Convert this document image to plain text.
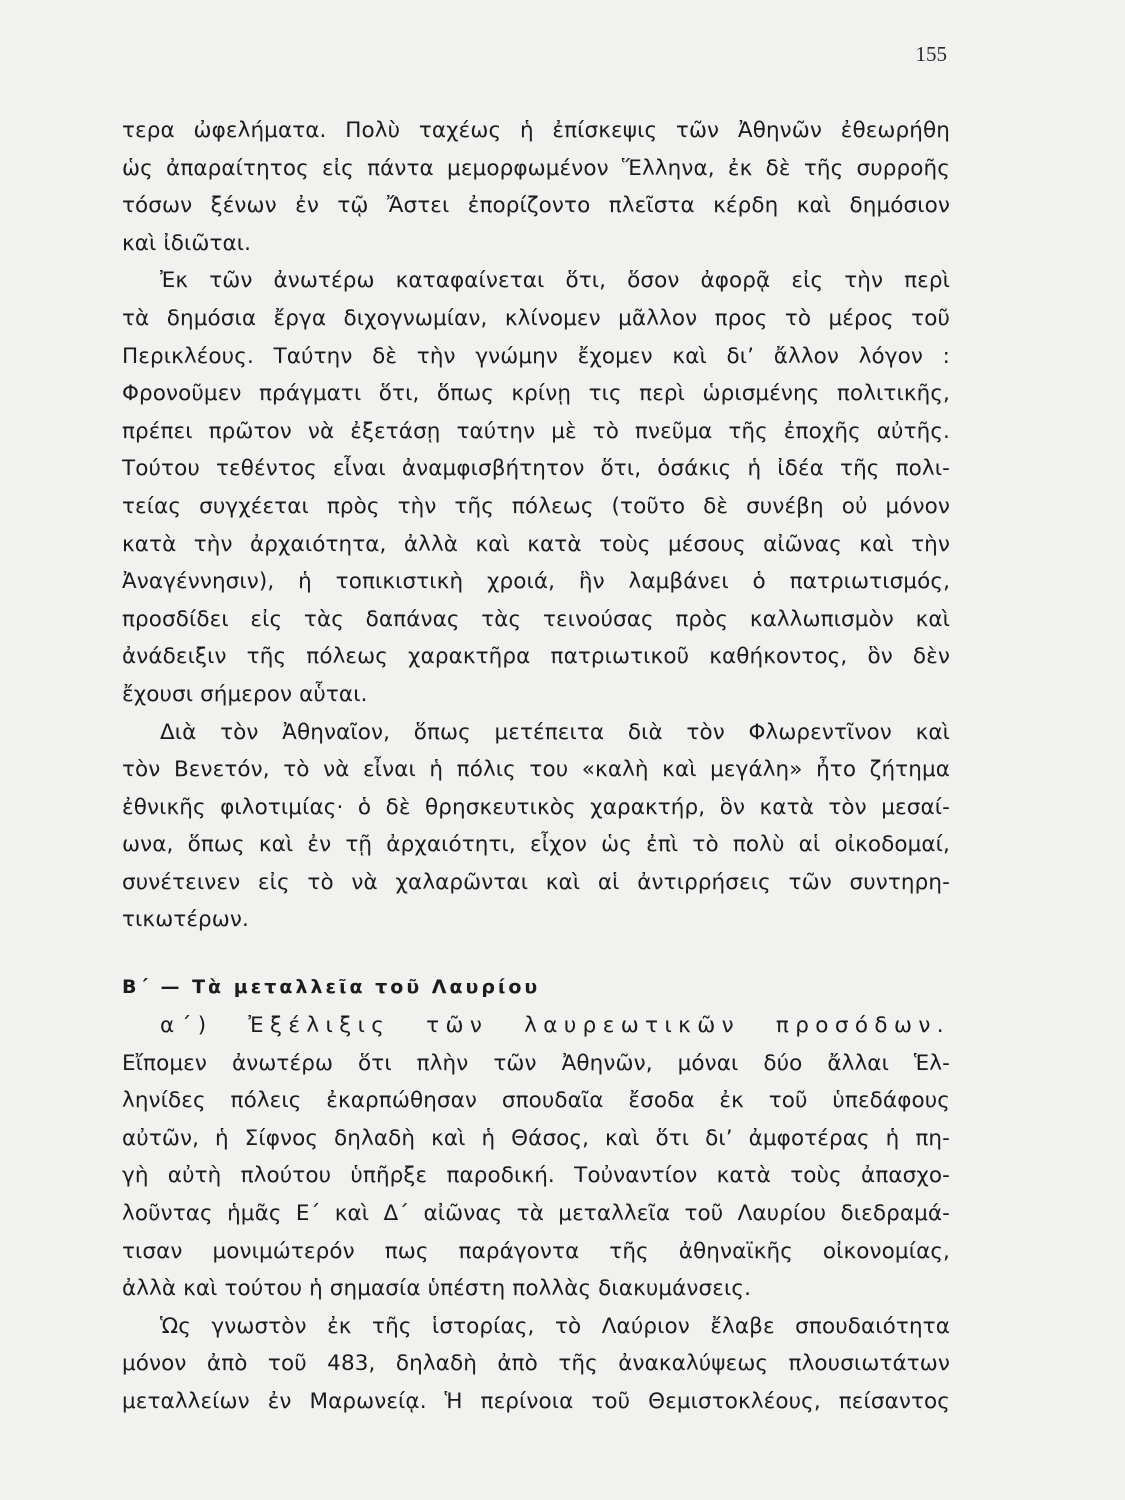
155
τερα ὠφελήματα. Πολὺ ταχέως ἡ ἐπίσκεψις τῶν Ἀθηνῶν ἐθεωρήθη
ὡς ἀπαραίτητος εἰς πάντα μεμορφωμένον Ἕλληνα, ἐκ δὲ τῆς συρροῆς
τόσων ξένων ἐν τῷ Ἄστει ἐπορίζοντο πλεῖστα κέρδη καὶ δημόσιον
καὶ ἰδιῶται.
Ἐκ τῶν ἀνωτέρω καταφαίνεται ὅτι, ὅσον ἀφορᾷ εἰς τὴν περὶ
τὰ δημόσια ἔργα διχογνωμίαν, κλίνομεν μᾶλλον προς τὸ μέρος τοῦ
Περικλέους. Ταύτην δὲ τὴν γνώμην ἔχομεν καὶ δι’ ἄλλον λόγον :
Φρονοῦμεν πράγματι ὅτι, ὅπως κρίνῃ τις περὶ ὡρισμένης πολιτικῆς,
πρέπει πρῶτον νὰ ἐξετάσῃ ταύτην μὲ τὸ πνεῦμα τῆς ἐποχῆς αὐτῆς.
Τούτου τεθέντος εἶναι ἀναμφισβήτητον ὅτι, ὁσάκις ἡ ἰδέα τῆς πολι-
τείας συγχέεται πρὸς τὴν τῆς πόλεως (τοῦτο δὲ συνέβη οὐ μόνον
κατὰ τὴν ἀρχαιότητα, ἀλλὰ καὶ κατὰ τοὺς μέσους αἰῶνας καὶ τὴν
Ἀναγέννησιν), ἡ τοπικιστικὴ χροιά, ἣν λαμβάνει ὁ πατριωτισμός,
προσδίδει εἰς τὰς δαπάνας τὰς τεινούσας πρὸς καλλωπισμὸν καὶ
ἀνάδειξιν τῆς πόλεως χαρακτῆρα πατριωτικοῦ καθήκοντος, ὃν δὲν
ἔχουσι σήμερον αὗται.
Διὰ τὸν Ἀθηναῖον, ὅπως μετέπειτα διὰ τὸν Φλωρεντῖνον καὶ
τὸν Βενετόν, τὸ νὰ εἶναι ἡ πόλις του «καλὴ καὶ μεγάλη» ἦτο ζήτημα
ἐθνικῆς φιλοτιμίας· ὁ δὲ θρησκευτικὸς χαρακτήρ, ὃν κατὰ τὸν μεσαί-
ωνα, ὅπως καὶ ἐν τῇ ἀρχαιότητι, εἶχον ὡς ἐπὶ τὸ πολὺ αἱ οἰκοδομαί,
συνέτεινεν εἰς τὸ νὰ χαλαρῶνται καὶ αἱ ἀντιρρήσεις τῶν συντηρη-
τικωτέρων.
Β΄ — Τὰ μεταλλεῖα τοῦ Λαυρίου
α΄) Ἐξέλιξις τῶν λαυρεωτικῶν προσόδων.
Εἴπομεν ἀνωτέρω ὅτι πλὴν τῶν Ἀθηνῶν, μόναι δύο ἄλλαι Ἑλ-
ληνίδες πόλεις ἐκαρπώθησαν σπουδαῖα ἔσοδα ἐκ τοῦ ὑπεδάφους
αὐτῶν, ἡ Σίφνος δηλαδὴ καὶ ἡ Θάσος, καὶ ὅτι δι’ ἀμφοτέρας ἡ πη-
γὴ αὐτὴ πλούτου ὑπῆρξε παροδική. Τοὐναντίον κατὰ τοὺς ἀπασχο-
λοῦντας ἡμᾶς Ε΄ καὶ Δ΄ αἰῶνας τὰ μεταλλεῖα τοῦ Λαυρίου διεδραμά-
τισαν μονιμώτερόν πως παράγοντα τῆς ἀθηναϊκῆς οἰκονομίας,
ἀλλὰ καὶ τούτου ἡ σημασία ὑπέστη πολλὰς διακυμάνσεις.
Ὡς γνωστὸν ἐκ τῆς ἱστορίας, τὸ Λαύριον ἔλαβε σπουδαιότητα
μόνον ἀπὸ τοῦ 483, δηλαδὴ ἀπὸ τῆς ἀνακαλύψεως πλουσιωτάτων
μεταλλείων ἐν Μαρωνείᾳ. Ἡ περίνοια τοῦ Θεμιστοκλέους, πείσαντος
